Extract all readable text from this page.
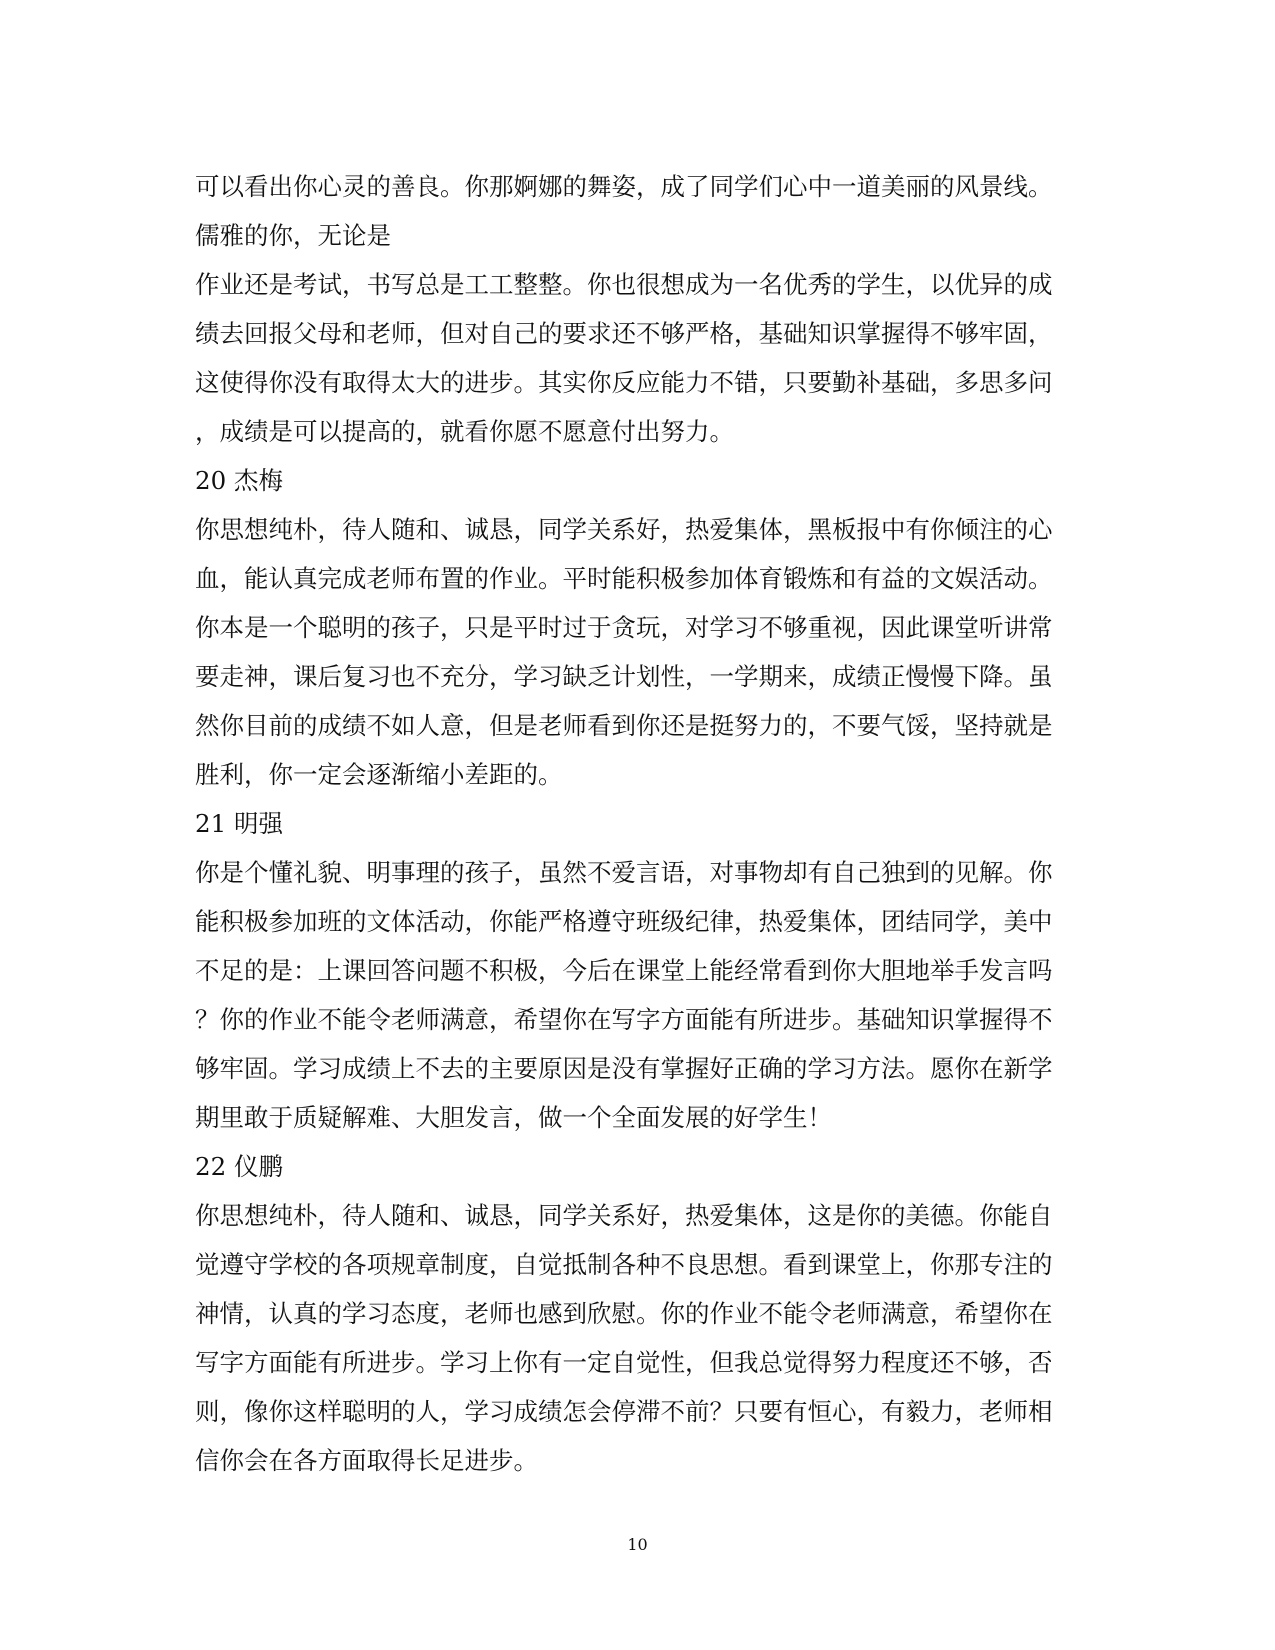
可以看出你心灵的善良。你那婀娜的舞姿，成了同学们心中一道美丽的风景线。
儒雅的你，无论是
作业还是考试，书写总是工工整整。你也很想成为一名优秀的学生，以优异的成
绩去回报父母和老师，但对自己的要求还不够严格，基础知识掌握得不够牢固，
这使得你没有取得太大的进步。其实你反应能力不错，只要勤补基础，多思多问
，成绩是可以提高的，就看你愿不愿意付出努力。
20 杰梅
你思想纯朴，待人随和、诚恳，同学关系好，热爱集体，黑板报中有你倾注的心
血，能认真完成老师布置的作业。平时能积极参加体育锻炼和有益的文娱活动。
你本是一个聪明的孩子，只是平时过于贪玩，对学习不够重视，因此课堂听讲常
要走神，课后复习也不充分，学习缺乏计划性，一学期来，成绩正慢慢下降。虽
然你目前的成绩不如人意，但是老师看到你还是挺努力的，不要气馁，坚持就是
胜利，你一定会逐渐缩小差距的。
21 明强
你是个懂礼貌、明事理的孩子，虽然不爱言语，对事物却有自己独到的见解。你
能积极参加班的文体活动，你能严格遵守班级纪律，热爱集体，团结同学，美中
不足的是：上课回答问题不积极，今后在课堂上能经常看到你大胆地举手发言吗
？你的作业不能令老师满意，希望你在写字方面能有所进步。基础知识掌握得不
够牢固。学习成绩上不去的主要原因是没有掌握好正确的学习方法。愿你在新学
期里敢于质疑解难、大胆发言，做一个全面发展的好学生！
22 仪鹏
你思想纯朴，待人随和、诚恳，同学关系好，热爱集体，这是你的美德。你能自
觉遵守学校的各项规章制度，自觉抵制各种不良思想。看到课堂上，你那专注的
神情，认真的学习态度，老师也感到欣慰。你的作业不能令老师满意，希望你在
写字方面能有所进步。学习上你有一定自觉性，但我总觉得努力程度还不够，否
则，像你这样聪明的人，学习成绩怎会停滞不前？只要有恒心，有毅力，老师相
信你会在各方面取得长足进步。
10
